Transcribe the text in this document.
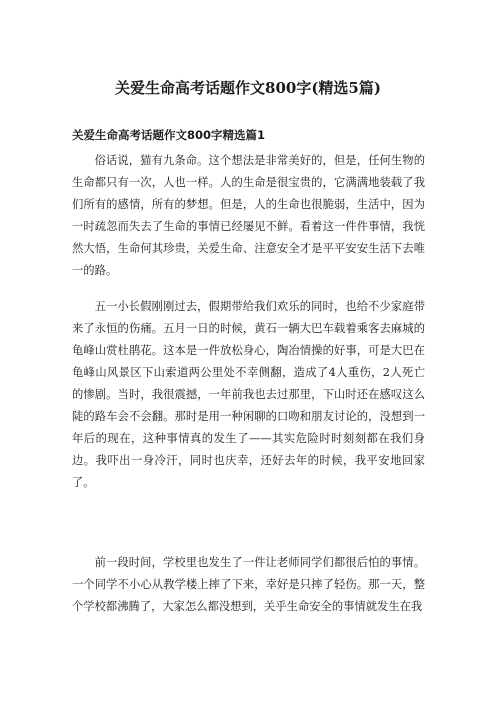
关爱生命高考话题作文800字(精选5篇)
关爱生命高考话题作文800字精选篇1

俗话说，猫有九条命。这个想法是非常美好的，但是，任何生物的生命都只有一次，人也一样。人的生命是很宝贵的，它满满地装载了我们所有的感情，所有的梦想。但是，人的生命也很脆弱，生活中，因为一时疏忽而失去了生命的事情已经屡见不鲜。看着这一件件事情，我恍然大悟，生命何其珍贵，关爱生命、注意安全才是平平安安生活下去唯一的路。

五一小长假刚刚过去，假期带给我们欢乐的同时，也给不少家庭带来了永恒的伤痛。五月一日的时候，黄石一辆大巴车载着乘客去麻城的龟峰山赏杜鹃花。这本是一件放松身心，陶冶情操的好事，可是大巴在龟峰山风景区下山索道两公里处不幸侧翻，造成了4人重伤，2人死亡的惨剧。当时，我很震撼，一年前我也去过那里，下山时还在感叹这么陡的路车会不会翻。那时是用一种闲聊的口吻和朋友讨论的，没想到一年后的现在，这种事情真的发生了——其实危险时时刻刻都在我们身边。我吓出一身冷汗，同时也庆幸，还好去年的时候，我平安地回家了。

前一段时间，学校里也发生了一件让老师同学们都很后怕的事情。一个同学不小心从教学楼上摔了下来，幸好是只摔了轻伤。那一天，整个学校都沸腾了，大家怎么都没想到，关乎生命安全的事情就发生在我
